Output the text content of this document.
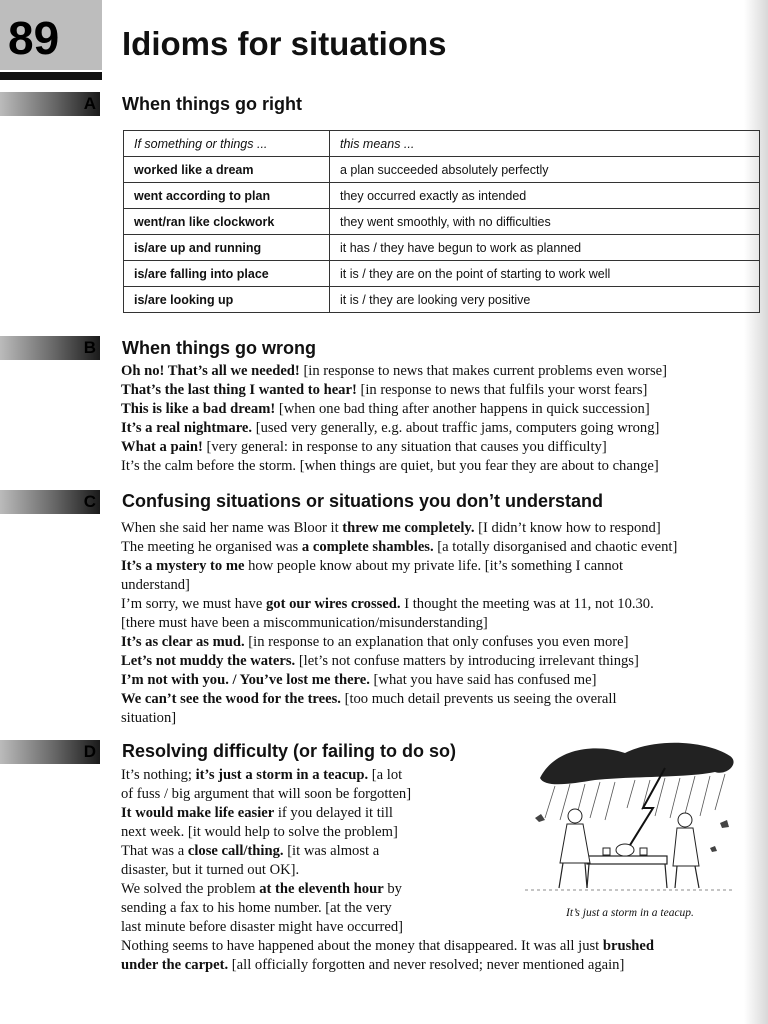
89 Idioms for situations
A When things go right
If something or things ...	this means ...
worked like a dream	a plan succeeded absolutely perfectly
went according to plan	they occurred exactly as intended
went/ran like clockwork	they went smoothly, with no difficulties
is/are up and running	it has / they have begun to work as planned
is/are falling into place	it is / they are on the point of starting to work well
is/are looking up	it is / they are looking very positive
B When things go wrong

Oh no! That’s all we needed! [in response to news that makes current problems even worse]

That’s the last thing I wanted to hear! [in response to news that fulfils your worst fears]

This is like a bad dream! [when one bad thing after another happens in quick succession]

It’s a real nightmare. [used very generally, e.g. about traffic jams, computers going wrong]

What a pain! [very general: in response to any situation that causes you difficulty]

It’s the calm before the storm. [when things are quiet, but you fear they are about to change]

C Confusing situations or situations you don’t understand

When she said her name was Bloor it threw me completely. [I didn’t know how to respond]

The meeting he organised was a complete shambles. [a totally disorganised and chaotic event]

It’s a mystery to me how people know about my private life. [it’s something I cannot

understand]

I’m sorry, we must have got our wires crossed. I thought the meeting was at 11, not 10.30.

[there must have been a miscommunication/misunderstanding]

It’s as clear as mud. [in response to an explanation that only confuses you even more]

Let’s not muddy the waters. [let’s not confuse matters by introducing irrelevant things]

I’m not with you. / You’ve lost me there. [what you have said has confused me]

We can’t see the wood for the trees. [too much detail prevents us seeing the overall

situation]

D Resolving difficulty (or failing to do so)

It’s nothing; it’s just a storm in a teacup. [a lot

of fuss / big argument that will soon be forgotten]

It would make life easier if you delayed it till

next week. [it would help to solve the problem]

That was a close call/thing. [it was almost a

disaster, but it turned out OK].

We solved the problem at the eleventh hour by

sending a fax to his home number. [at the very

last minute before disaster might have occurred]

Nothing seems to have happened about the money that disappeared. It was all just brushed

under the carpet. [all officially forgotten and never resolved; never mentioned again]

It’s just a storm in a teacup.
